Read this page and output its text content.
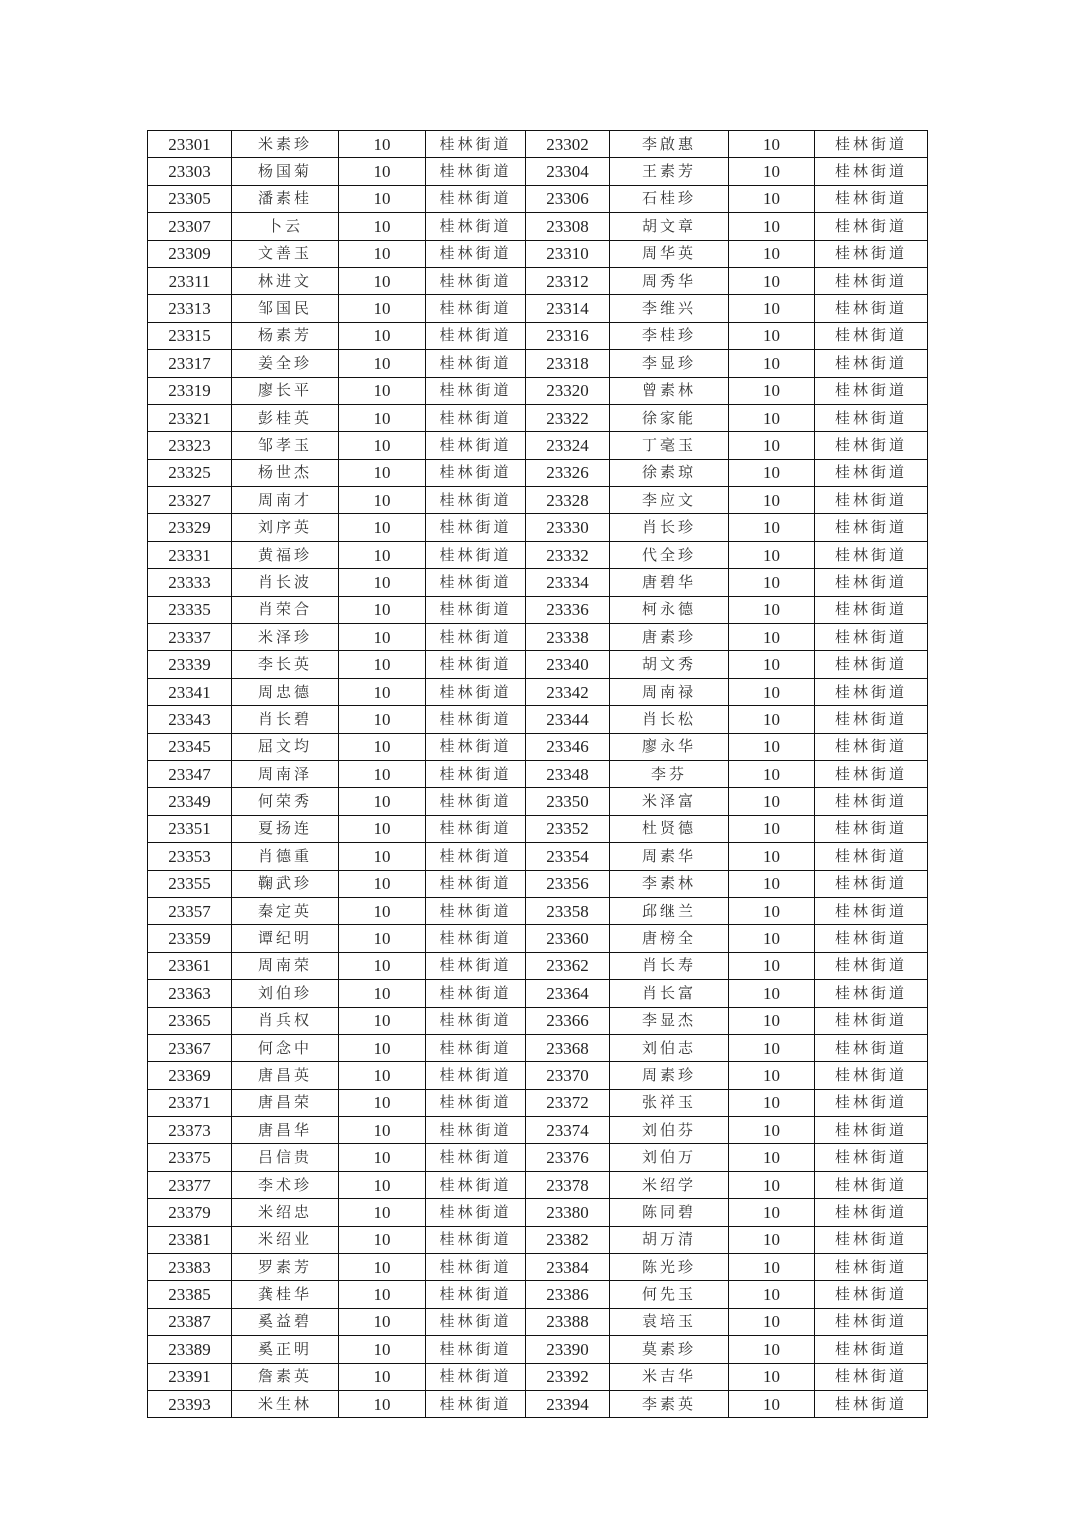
23301	米素珍	10	桂林街道	23302	李啟惠	10	桂林街道
23303	杨国菊	10	桂林街道	23304	王素芳	10	桂林街道
23305	潘素桂	10	桂林街道	23306	石桂珍	10	桂林街道
23307	卜云	10	桂林街道	23308	胡文章	10	桂林街道
23309	文善玉	10	桂林街道	23310	周华英	10	桂林街道
23311	林进文	10	桂林街道	23312	周秀华	10	桂林街道
23313	邹国民	10	桂林街道	23314	李维兴	10	桂林街道
23315	杨素芳	10	桂林街道	23316	李桂珍	10	桂林街道
23317	姜全珍	10	桂林街道	23318	李显珍	10	桂林街道
23319	廖长平	10	桂林街道	23320	曾素林	10	桂林街道
23321	彭桂英	10	桂林街道	23322	徐家能	10	桂林街道
23323	邹孝玉	10	桂林街道	23324	丁毫玉	10	桂林街道
23325	杨世杰	10	桂林街道	23326	徐素琼	10	桂林街道
23327	周南才	10	桂林街道	23328	李应文	10	桂林街道
23329	刘序英	10	桂林街道	23330	肖长珍	10	桂林街道
23331	黄福珍	10	桂林街道	23332	代全珍	10	桂林街道
23333	肖长波	10	桂林街道	23334	唐碧华	10	桂林街道
23335	肖荣合	10	桂林街道	23336	柯永德	10	桂林街道
23337	米泽珍	10	桂林街道	23338	唐素珍	10	桂林街道
23339	李长英	10	桂林街道	23340	胡文秀	10	桂林街道
23341	周忠德	10	桂林街道	23342	周南禄	10	桂林街道
23343	肖长碧	10	桂林街道	23344	肖长松	10	桂林街道
23345	屈文均	10	桂林街道	23346	廖永华	10	桂林街道
23347	周南泽	10	桂林街道	23348	李芬	10	桂林街道
23349	何荣秀	10	桂林街道	23350	米泽富	10	桂林街道
23351	夏扬连	10	桂林街道	23352	杜贤德	10	桂林街道
23353	肖德重	10	桂林街道	23354	周素华	10	桂林街道
23355	鞠武珍	10	桂林街道	23356	李素林	10	桂林街道
23357	秦定英	10	桂林街道	23358	邱继兰	10	桂林街道
23359	谭纪明	10	桂林街道	23360	唐榜全	10	桂林街道
23361	周南荣	10	桂林街道	23362	肖长寿	10	桂林街道
23363	刘伯珍	10	桂林街道	23364	肖长富	10	桂林街道
23365	肖兵权	10	桂林街道	23366	李显杰	10	桂林街道
23367	何念中	10	桂林街道	23368	刘伯志	10	桂林街道
23369	唐昌英	10	桂林街道	23370	周素珍	10	桂林街道
23371	唐昌荣	10	桂林街道	23372	张祥玉	10	桂林街道
23373	唐昌华	10	桂林街道	23374	刘伯芬	10	桂林街道
23375	吕信贵	10	桂林街道	23376	刘伯万	10	桂林街道
23377	李术珍	10	桂林街道	23378	米绍学	10	桂林街道
23379	米绍忠	10	桂林街道	23380	陈同碧	10	桂林街道
23381	米绍业	10	桂林街道	23382	胡万清	10	桂林街道
23383	罗素芳	10	桂林街道	23384	陈光珍	10	桂林街道
23385	龚桂华	10	桂林街道	23386	何先玉	10	桂林街道
23387	奚益碧	10	桂林街道	23388	袁培玉	10	桂林街道
23389	奚正明	10	桂林街道	23390	莫素珍	10	桂林街道
23391	詹素英	10	桂林街道	23392	米吉华	10	桂林街道
23393	米生林	10	桂林街道	23394	李素英	10	桂林街道
